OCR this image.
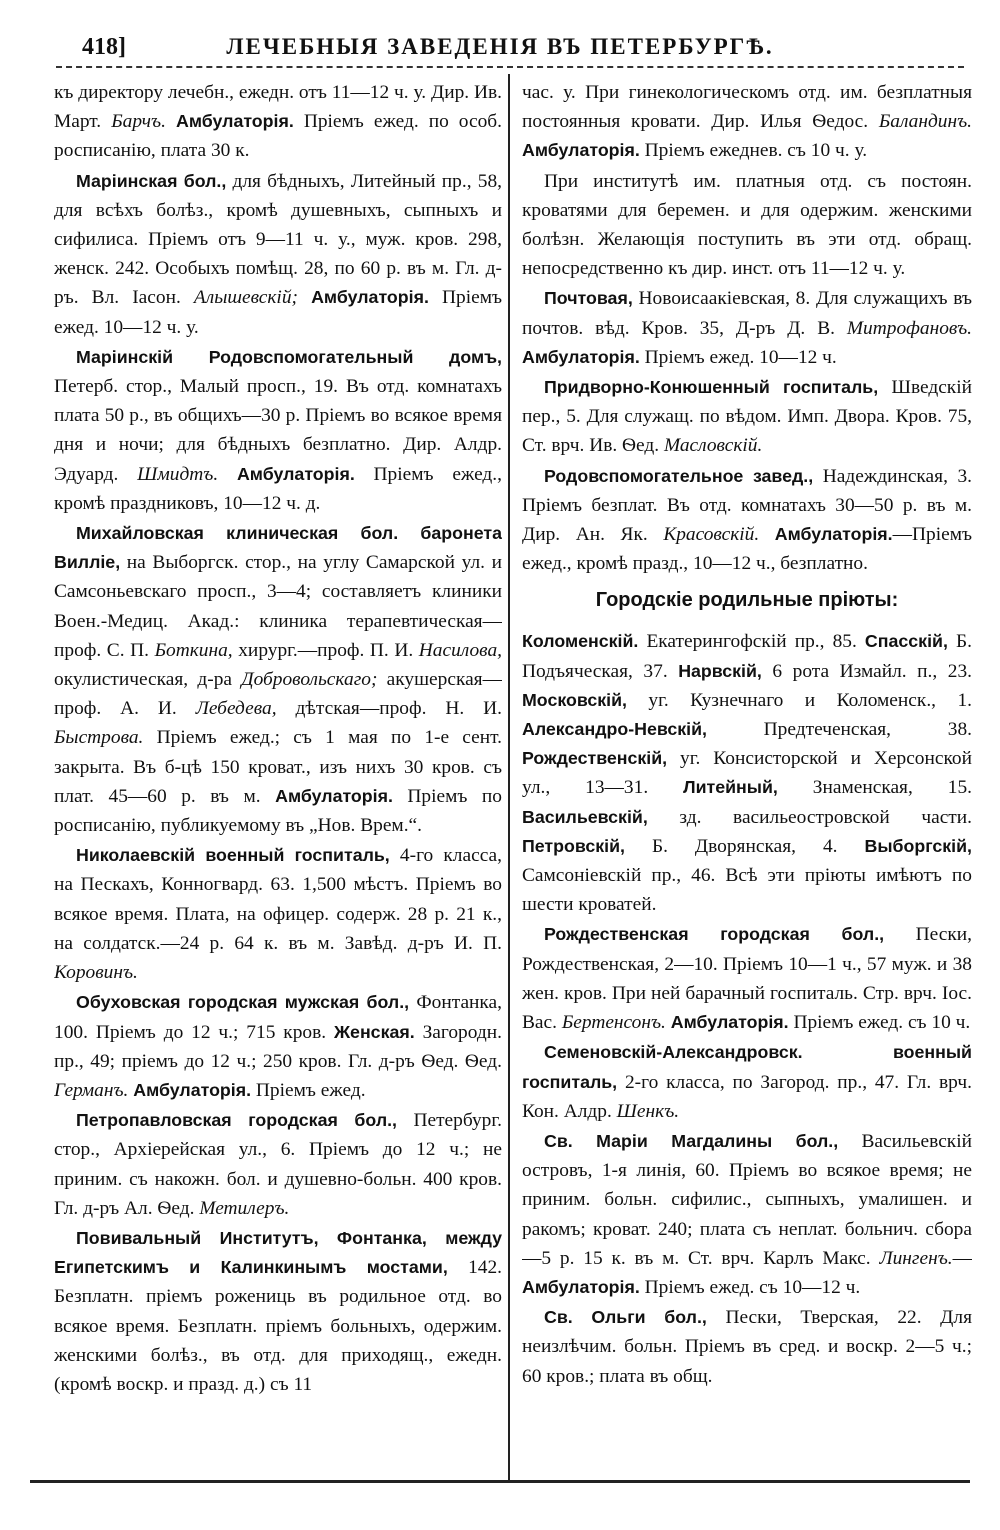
418]	ЛЕЧЕБНЫЯ ЗАВЕДЕНІЯ ВЪ ПЕТЕРБУРГѢ.

къ директору лечебн., ежедн. отъ 11—12 ч. у. Дир. Ив. Март. Барчъ. Амбулаторія. Пріемъ ежед. по особ. росписанію, плата 30 к.

Маріинская бол., для бѣдныхъ, Литейный пр., 58, для всѣхъ болѣз., кромѣ душевныхъ, сыпныхъ и сифилиса. Пріемъ отъ 9—11 ч. у., муж. кров. 298, женск. 242. Особыхъ помѣщ. 28, по 60 р. въ м. Гл. д-ръ. Вл. Іасон. Алышевскій; Амбулаторія. Пріемъ ежед. 10—12 ч. у.

Маріинскій Родовспомогательный домъ, Петерб. стор., Малый просп., 19. Въ отд. комнатахъ плата 50 р., въ общихъ—30 р. Пріемъ во всякое время дня и ночи; для бѣдныхъ безплатно. Дир. Алдр. Эдуард. Шмидтъ. Амбулаторія. Пріемъ ежед., кромѣ праздниковъ, 10—12 ч. д.

Михайловская клиническая бол. баронета Виллie, на Выборгск. стор., на углу Самарской ул. и Самсоньевскаго просп., 3—4; составляетъ клиники Воен.-Медиц. Акад.: клиника терапевтическая—проф. С. П. Боткина, хирург.—проф. П. И. Насилова, окулистическая, д-ра Добровольскаго; акушерская—проф. А. И. Лебедева, дѣтская—проф. Н. И. Быстрова. Пріемъ ежед.; съ 1 мая по 1-е сент. закрыта. Въ б-цѣ 150 кроват., изъ нихъ 30 кров. съ плат. 45—60 р. въ м. Амбулаторія. Пріемъ по росписанію, публикуемому въ „Нов. Врем.“.

Николаевскій военный госпиталь, 4-го класса, на Пескахъ, Конногвард. 63. 1,500 мѣстъ. Пріемъ во всякое время. Плата, на офицер. содерж. 28 р. 21 к., на солдатск.—24 р. 64 к. въ м. Завѣд. д-ръ И. П. Коровинъ.

Обуховская городская мужская бол., Фонтанка, 100. Пріемъ до 12 ч.; 715 кров. Женская. Загородн. пр., 49; пріемъ до 12 ч.; 250 кров. Гл. д-ръ Ѳед. Ѳед. Германъ. Амбулаторія. Пріемъ ежед.

Петропавловская городская бол., Петербург. стор., Архіерейская ул., 6. Пріемъ до 12 ч.; не приним. съ накожн. бол. и душевно-больн. 400 кров. Гл. д-ръ Ал. Ѳед. Метилеръ.

Повивальный Институтъ, Фонтанка, между Египетскимъ и Калинкинымъ мостами, 142. Безплатн. пріемъ рожениць въ родильное отд. во всякое время. Безплатн. пріемъ больныхъ, одержим. женскими болѣз., въ отд. для приходящ., ежедн. (кромѣ воскр. и празд. д.) съ 11

час. у. При гинекологическомъ отд. им. безплатныя постоянныя кровати. Дир. Илья Ѳедос. Баландинъ. Амбулаторія. Пріемъ ежеднев. съ 10 ч. у.

При институтѣ им. платныя отд. съ постоян. кроватями для беремен. и для одержим. женскими болѣзн. Желающія поступить въ эти отд. обращ. непосредственно къ дир. инст. отъ 11—12 ч. у.

Почтовая, Новоисаакіевская, 8. Для служащихъ въ почтов. вѣд. Кров. 35, Д-ръ Д. В. Митрофановъ. Амбулаторія. Пріемъ ежед. 10—12 ч.

Придворно-Конюшенный госпиталь, Шведскій пер., 5. Для служащ. по вѣдом. Имп. Двора. Кров. 75, Ст. врч. Ив. Ѳед. Масловскій.

Родовспомогательное завед., Надеждинская, 3. Пріемъ безплат. Въ отд. комнатахъ 30—50 р. въ м. Дир. Ан. Як. Красовскій. Амбулаторія.—Пріемъ ежед., кромѣ празд., 10—12 ч., безплатно.

Городскіе родильные пріюты:

Коломенскій. Екатерингофскій пр., 85. Спасскій, Б. Подъяческая, 37. Нарвскій, 6 рота Измайл. п., 23. Московскій, уг. Кузнечнаго и Коломенск., 1. Александро-Невскій, Предтеченская, 38. Рождественскій, уг. Консисторской и Херсонской ул., 13—31. Литейный, Знаменская, 15. Васильевскій, зд. васильеостровской части. Петровскій, Б. Дворянская, 4. Выборгскій, Самсоніевскій пр., 46. Всѣ эти пріюты имѣютъ по шести кроватей.

Рождественская городская бол., Пески, Рождественская, 2—10. Пріемъ 10—1 ч., 57 муж. и 38 жен. кров. При ней барачный госпиталь. Стр. врч. Іос. Вас. Бертенсонъ. Амбулаторія. Пріемъ ежед. съ 10 ч.

Семеновскій-Александровск. военный госпиталь, 2-го класса, по Загород. пр., 47. Гл. врч. Кон. Алдр. Шенкъ.

Св. Маріи Магдалины бол., Васильевскій островъ, 1-я линія, 60. Пріемъ во всякое время; не приним. больн. сифилис., сыпныхъ, умалишен. и ракомъ; кроват. 240; плата съ неплат. больнич. сбора—5 р. 15 к. въ м. Ст. врч. Карлъ Макс. Лингенъ.—Амбулаторія. Пріемъ ежед. съ 10—12 ч.

Св. Ольги бол., Пески, Тверская, 22. Для неизлѣчим. больн. Пріемъ въ сред. и воскр. 2—5 ч.; 60 кров.; плата въ общ.
